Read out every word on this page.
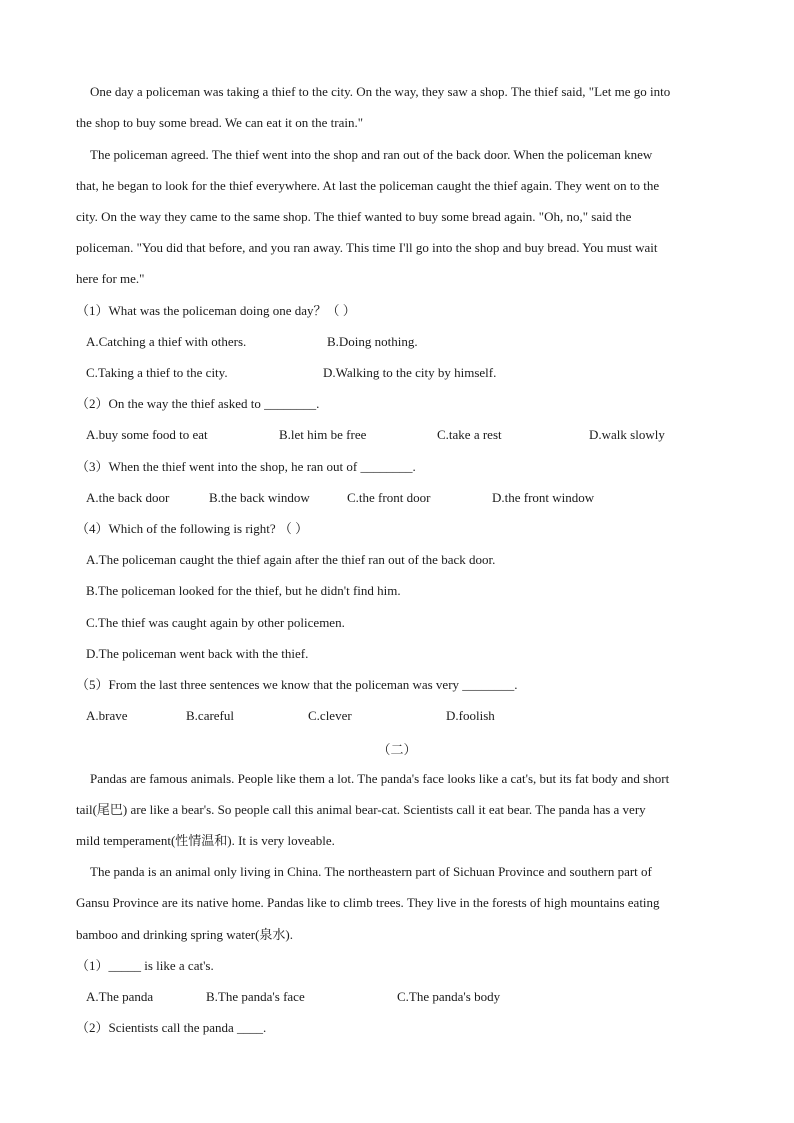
One day a policeman was taking a thief to the city. On the way, they saw a shop. The thief said, "Let me go into
the shop to buy some bread. We can eat it on the train."
The policeman agreed. The thief went into the shop and ran out of the back door. When the policeman knew
that, he began to look for the thief everywhere. At last the policeman caught the thief again. They went on to the
city. On the way they came to the same shop. The thief wanted to buy some bread again. "Oh, no," said the
policeman. "You did that before, and you ran away. This time I'll go into the shop and buy bread. You must wait
here for me."
（1）What was the policeman doing one day？（ ）
A.Catching a thief with others.	B.Doing nothing.
C.Taking a thief to the city.	D.Walking to the city by himself.
（2）On the way the thief asked to ________.
A.buy some food to eat	B.let him be free	C.take a rest	D.walk slowly
（3）When the thief went into the shop, he ran out of ________.
A.the back door	B.the back window	C.the front door	D.the front window
（4）Which of the following is right? （ ）
A.The policeman caught the thief again after the thief ran out of the back door.
B.The policeman looked for the thief, but he didn't find him.
C.The thief was caught again by other policemen.
D.The policeman went back with the thief.
（5）From the last three sentences we know that the policeman was very ________.
A.brave	B.careful	C.clever	D.foolish
（二）
Pandas are famous animals. People like them a lot. The panda's face looks like a cat's, but its fat body and short
tail(尾巴) are like a bear's. So people call this animal bear-cat. Scientists call it eat bear. The panda has a very
mild temperament(性情温和). It is very loveable.
The panda is an animal only living in China. The northeastern part of Sichuan Province and southern part of
Gansu Province are its native home. Pandas like to climb trees. They live in the forests of high mountains eating
bamboo and drinking spring water(泉水).
（1）_____ is like a cat's.
A.The panda	B.The panda's face	C.The panda's body
（2）Scientists call the panda ____.
